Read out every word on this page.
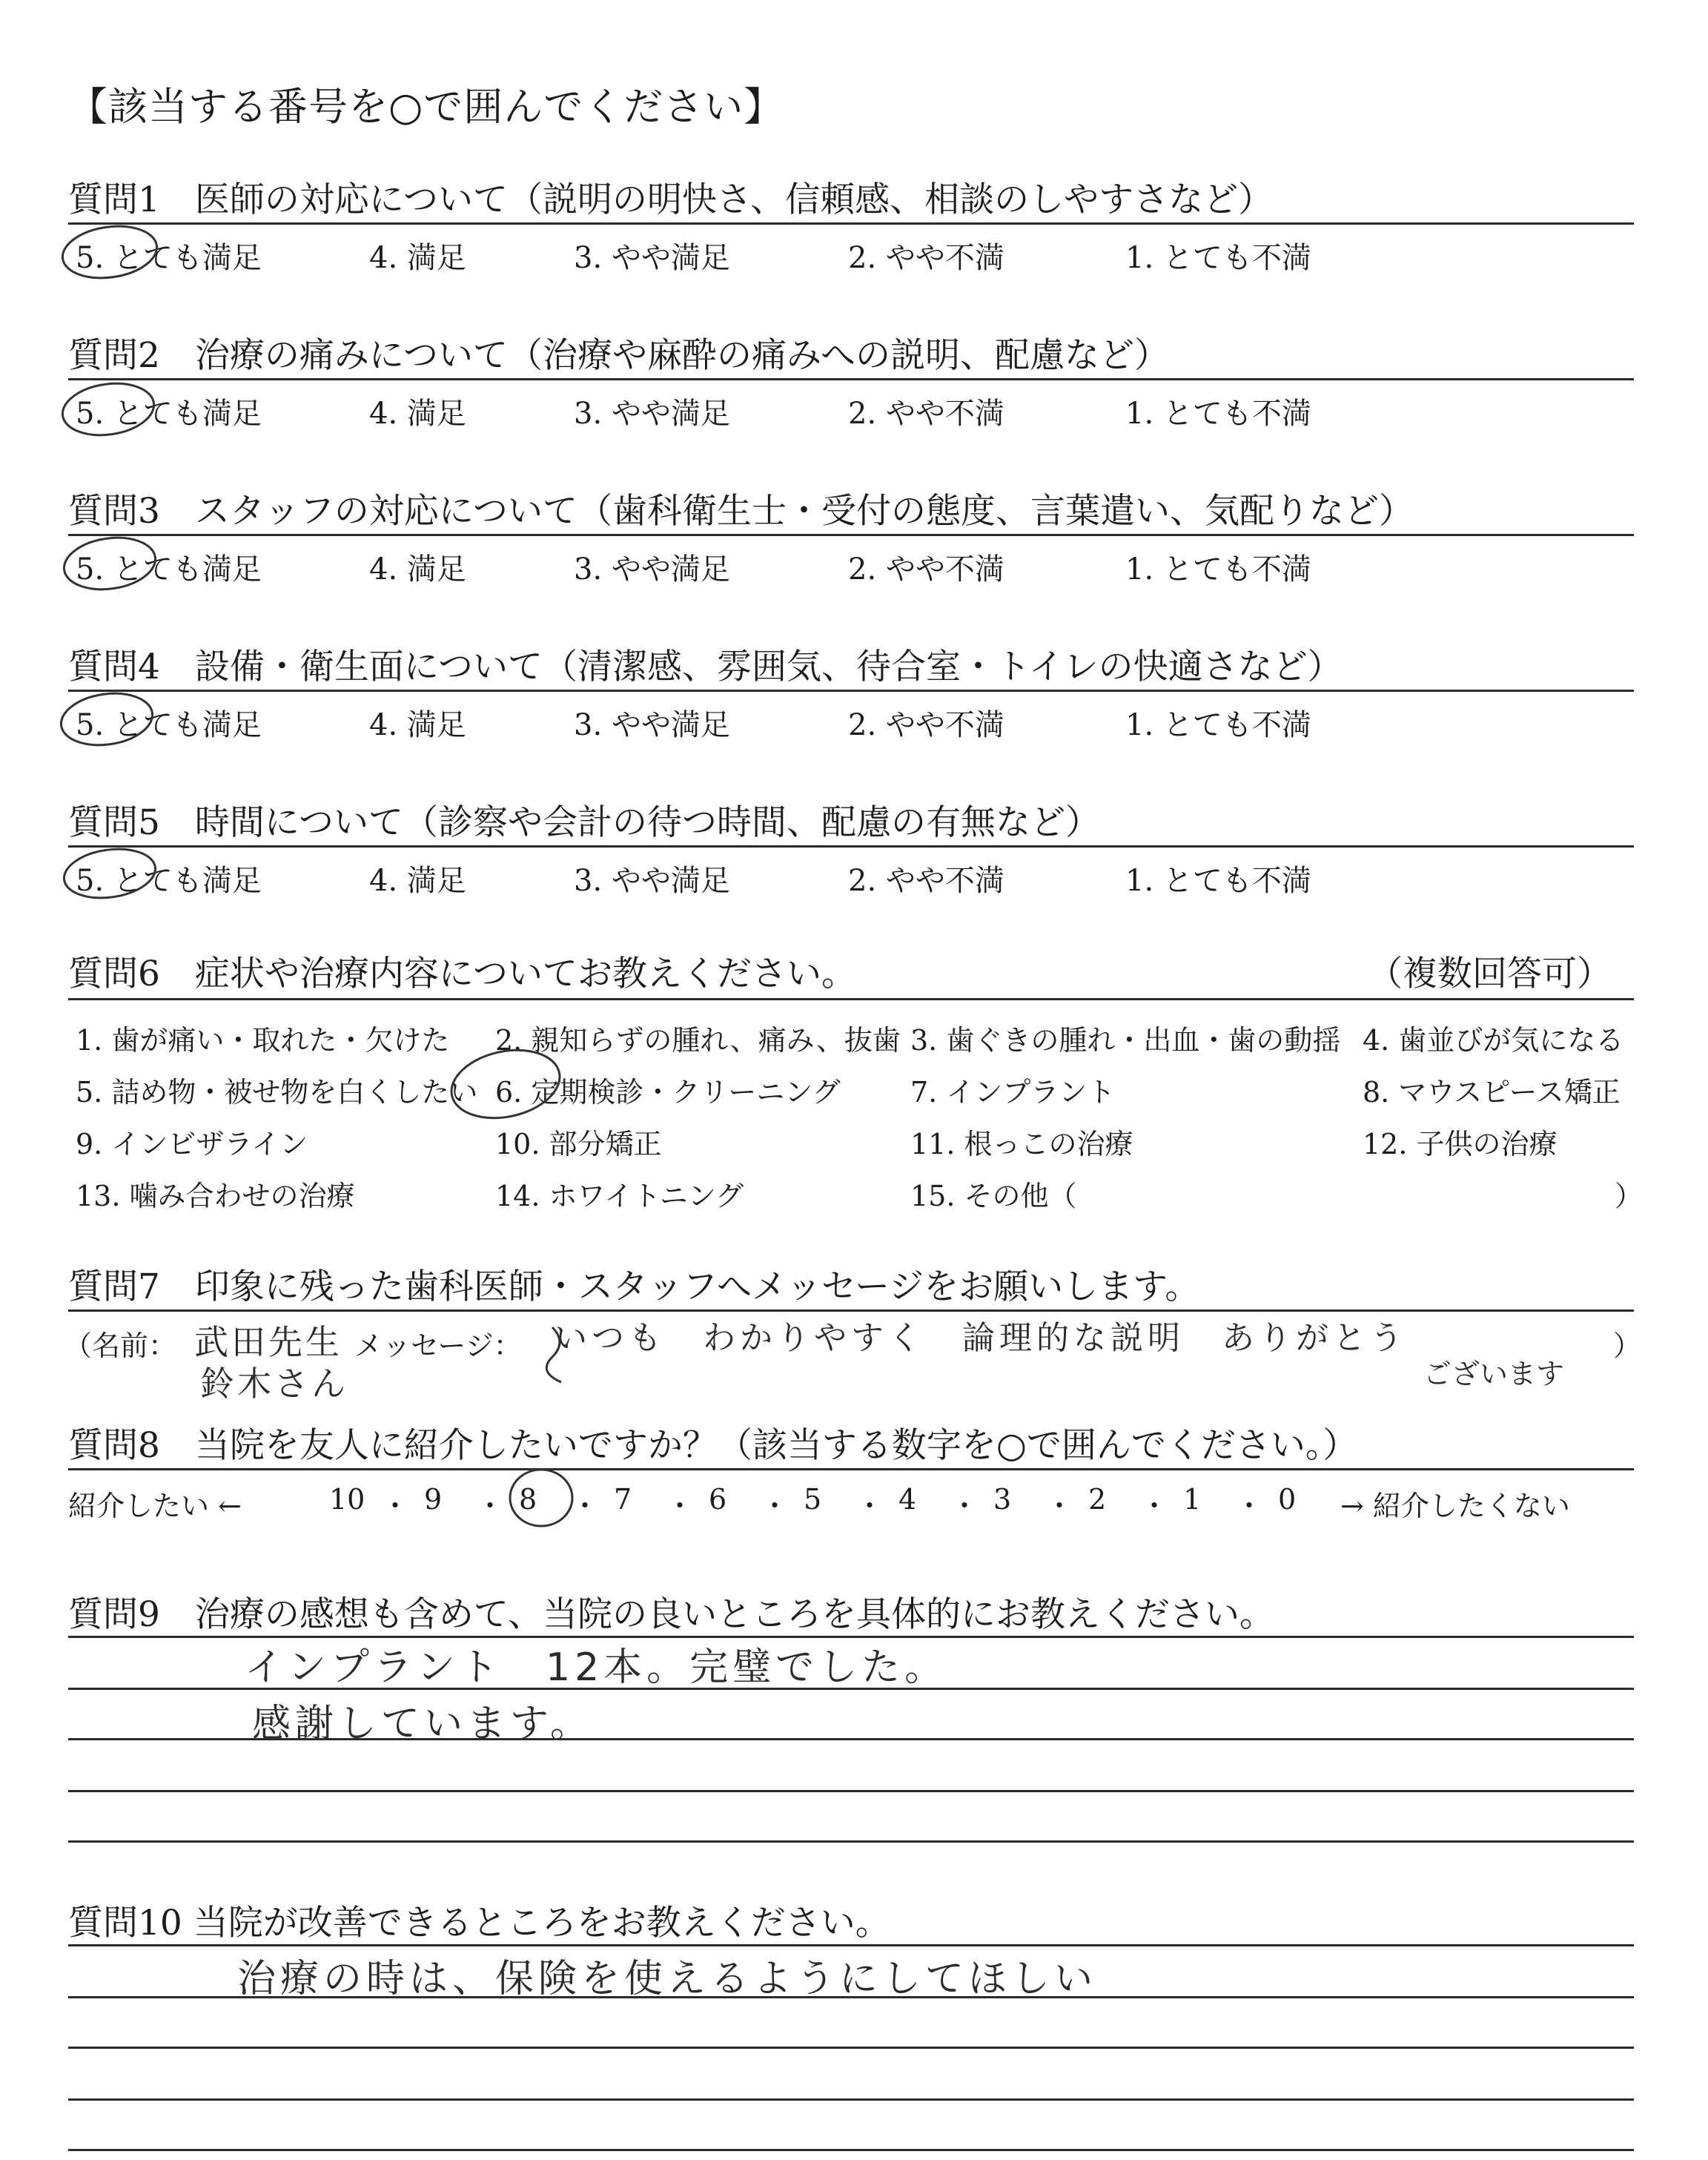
【該当する番号を○で囲んでください】
質問1　医師の対応について（説明の明快さ、信頼感、相談のしやすさなど）
5. とても満足	4. 満足	3. やや満足	2. やや不満	1. とても不満
質問2　治療の痛みについて（治療や麻酔の痛みへの説明、配慮など）
5. とても満足	4. 満足	3. やや満足	2. やや不満	1. とても不満
質問3　スタッフの対応について（歯科衛生士・受付の態度、言葉遣い、気配りなど）
5. とても満足	4. 満足	3. やや満足	2. やや不満	1. とても不満
質問4　設備・衛生面について（清潔感、雰囲気、待合室・トイレの快適さなど）
5. とても満足	4. 満足	3. やや満足	2. やや不満	1. とても不満
質問5　時間について（診察や会計の待つ時間、配慮の有無など）
5. とても満足	4. 満足	3. やや満足	2. やや不満	1. とても不満
質問6　症状や治療内容についてお教えください。	（複数回答可）
1. 歯が痛い・取れた・欠けた 2. 親知らずの腫れ、痛み、抜歯 3. 歯ぐきの腫れ・出血・歯の動揺 4. 歯並びが気になる
5. 詰め物・被せ物を白くしたい 6. 定期検診・クリーニング 7. インプラント	8. マウスピース矯正
9. インビザライン	10. 部分矯正	11. 根っこの治療	12. 子供の治療
13. 噛み合わせの治療	14. ホワイトニング	15. その他（	）
質問7　印象に残った歯科医師・スタッフへメッセージをお願いします。
（名前： 武田先生
鈴木さん
メッセージ： いつも　わかりやすく　論理的な説明　ありがとう
ございます
）
質問8　当院を友人に紹介したいですか？（該当する数字を○で囲んでください。）
紹介したい ←	10 ・ 9 ・ 8 ・ 7 ・ 6 ・ 5 ・ 4 ・ 3 ・ 2 ・ 1 ・ 0 → 紹介したくない
質問9　治療の感想も含めて、当院の良いところを具体的にお教えください。
インプラント　12本。完璧でした。
感謝しています。
質問10 当院が改善できるところをお教えください。
治療の時は、保険を使えるようにしてほしい
